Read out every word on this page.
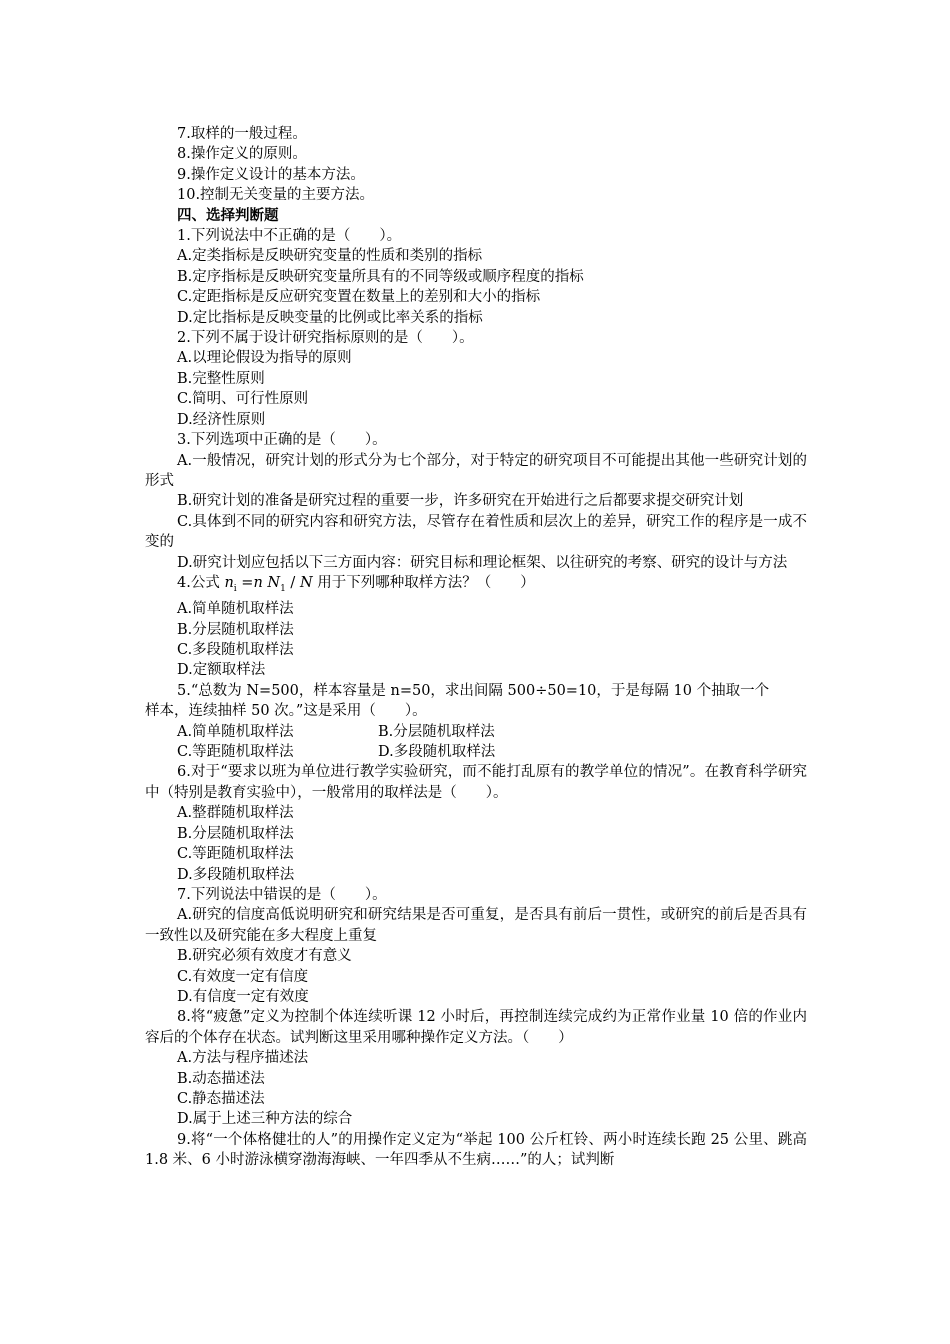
7.取样的一般过程。

8.操作定义的原则。

9.操作定义设计的基本方法。

10.控制无关变量的主要方法。

四、选择判断题

1.下列说法中不正确的是（　　）。

A.定类指标是反映研究变量的性质和类别的指标

B.定序指标是反映研究变量所具有的不同等级或顺序程度的指标

C.定距指标是反应研究变置在数量上的差别和大小的指标

D.定比指标是反映变量的比例或比率关系的指标

2.下列不属于设计研究指标原则的是（　　）。

A.以理论假设为指导的原则

B.完整性原则

C.简明、可行性原则

D.经济性原则

3.下列选项中正确的是（　　）。

A.一般情况，研究计划的形式分为七个部分，对于特定的研究项目不可能提出其他一些研究计划的形式

B.研究计划的准备是研究过程的重要一步，许多研究在开始进行之后都要求提交研究计划

C.具体到不同的研究内容和研究方法，尽管存在着性质和层次上的差异，研究工作的程序是一成不变的

D.研究计划应包括以下三方面内容：研究目标和理论框架、以往研究的考察、研究的设计与方法

4.公式 $n_i =n$ $N_1$ / N 用于下列哪种取样方法？（　　）

A.简单随机取样法

B.分层随机取样法

C.多段随机取样法

D.定额取样法

5.“总数为 N=500，样本容量是 n=50，求出间隔 500÷50=10，于是每隔 10 个抽取一个

样本，连续抽样 50 次。”这是采用（　　）。

A.简单随机取样法	B.分层随机取样法

C.等距随机取样法	D.多段随机取样法

6.对于“要求以班为单位进行教学实验研究，而不能打乱原有的教学单位的情况”。在教育科学研究中（特别是教育实验中），一般常用的取样法是（　　）。

A.整群随机取样法

B.分层随机取样法

C.等距随机取样法

D.多段随机取样法

7.下列说法中错误的是（　　）。

A.研究的信度高低说明研究和研究结果是否可重复，是否具有前后一贯性，或研究的前后是否具有一致性以及研究能在多大程度上重复

B.研究必须有效度才有意义

C.有效度一定有信度

D.有信度一定有效度

8.将“疲惫”定义为控制个体连续听课 12 小时后，再控制连续完成约为正常作业量 10 倍的作业内容后的个体存在状态。试判断这里采用哪种操作定义方法。（　　）

A.方法与程序描述法

B.动态描述法

C.静态描述法

D.属于上述三种方法的综合

9.将“一个体格健壮的人”的用操作定义定为“举起 100 公斤杠铃、两小时连续长跑 25 公里、跳高 1.8 米、6 小时游泳横穿渤海海峡、一年四季从不生病……”的人；试判断
